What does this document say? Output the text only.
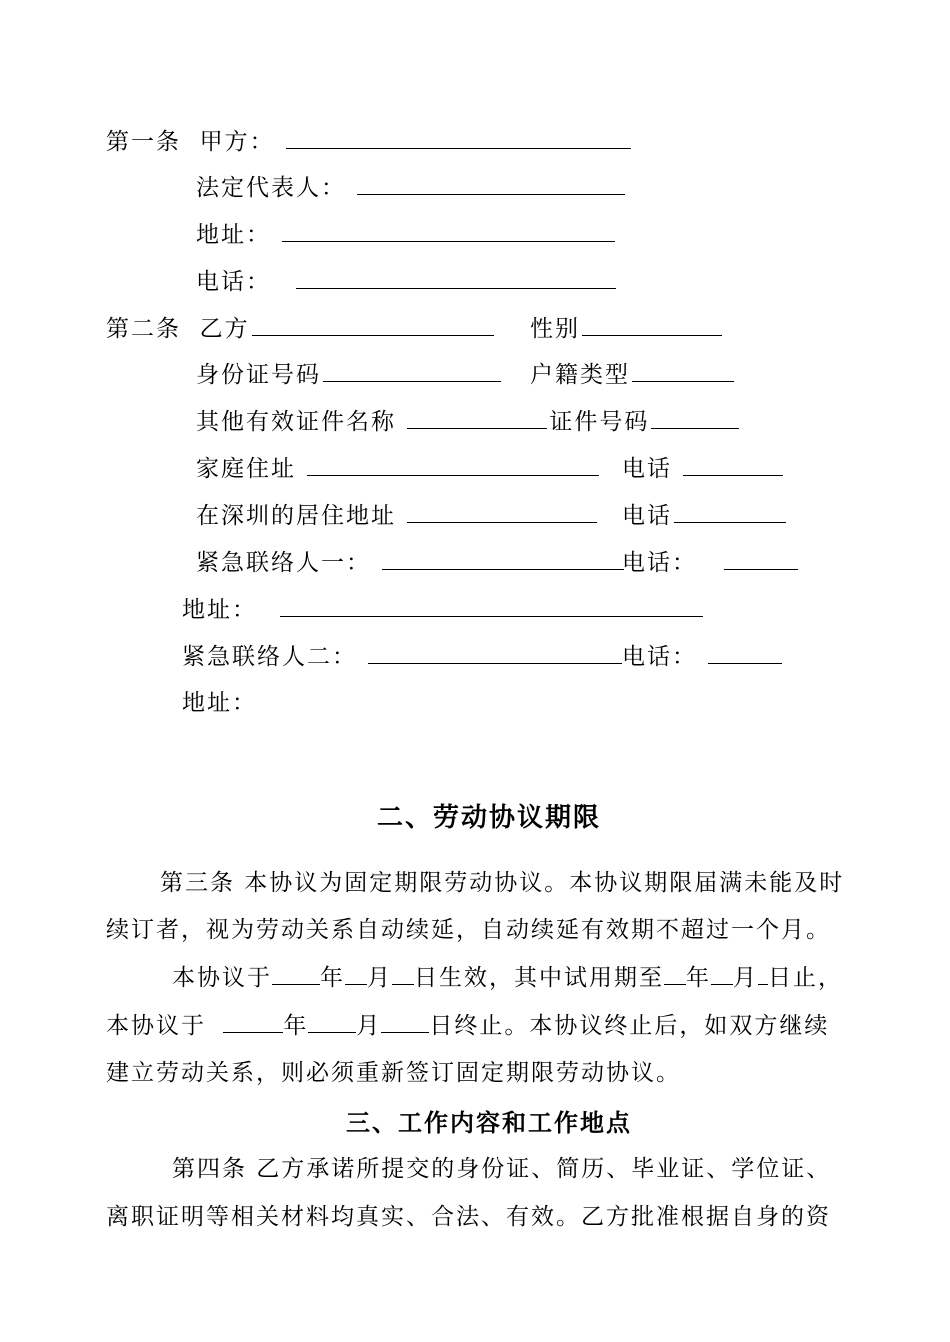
第一条 甲方：
法定代表人：
地址：
电话：
第二条 乙方	性别
身份证号码	户籍类型
其他有效证件名称	证件号码
家庭住址	电话
在深圳的居住地址	电话
紧急联络人一：	电话：
地址：
紧急联络人二：	电话：
地址：
二、劳动协议期限
第三条 本协议为固定期限劳动协议。本协议期限届满未能及时
续订者，视为劳动关系自动续延，自动续延有效期不超过一个月。
本协议于 年 月 日生效，其中试用期至 年 月 日止，
本协议于	年 月 日终止。本协议终止后，如双方继续
建立劳动关系，则必须重新签订固定期限劳动协议。
三、工作内容和工作地点
第四条 乙方承诺所提交的身份证、简历、毕业证、学位证、
离职证明等相关材料均真实、合法、有效。乙方批准根据自身的资
